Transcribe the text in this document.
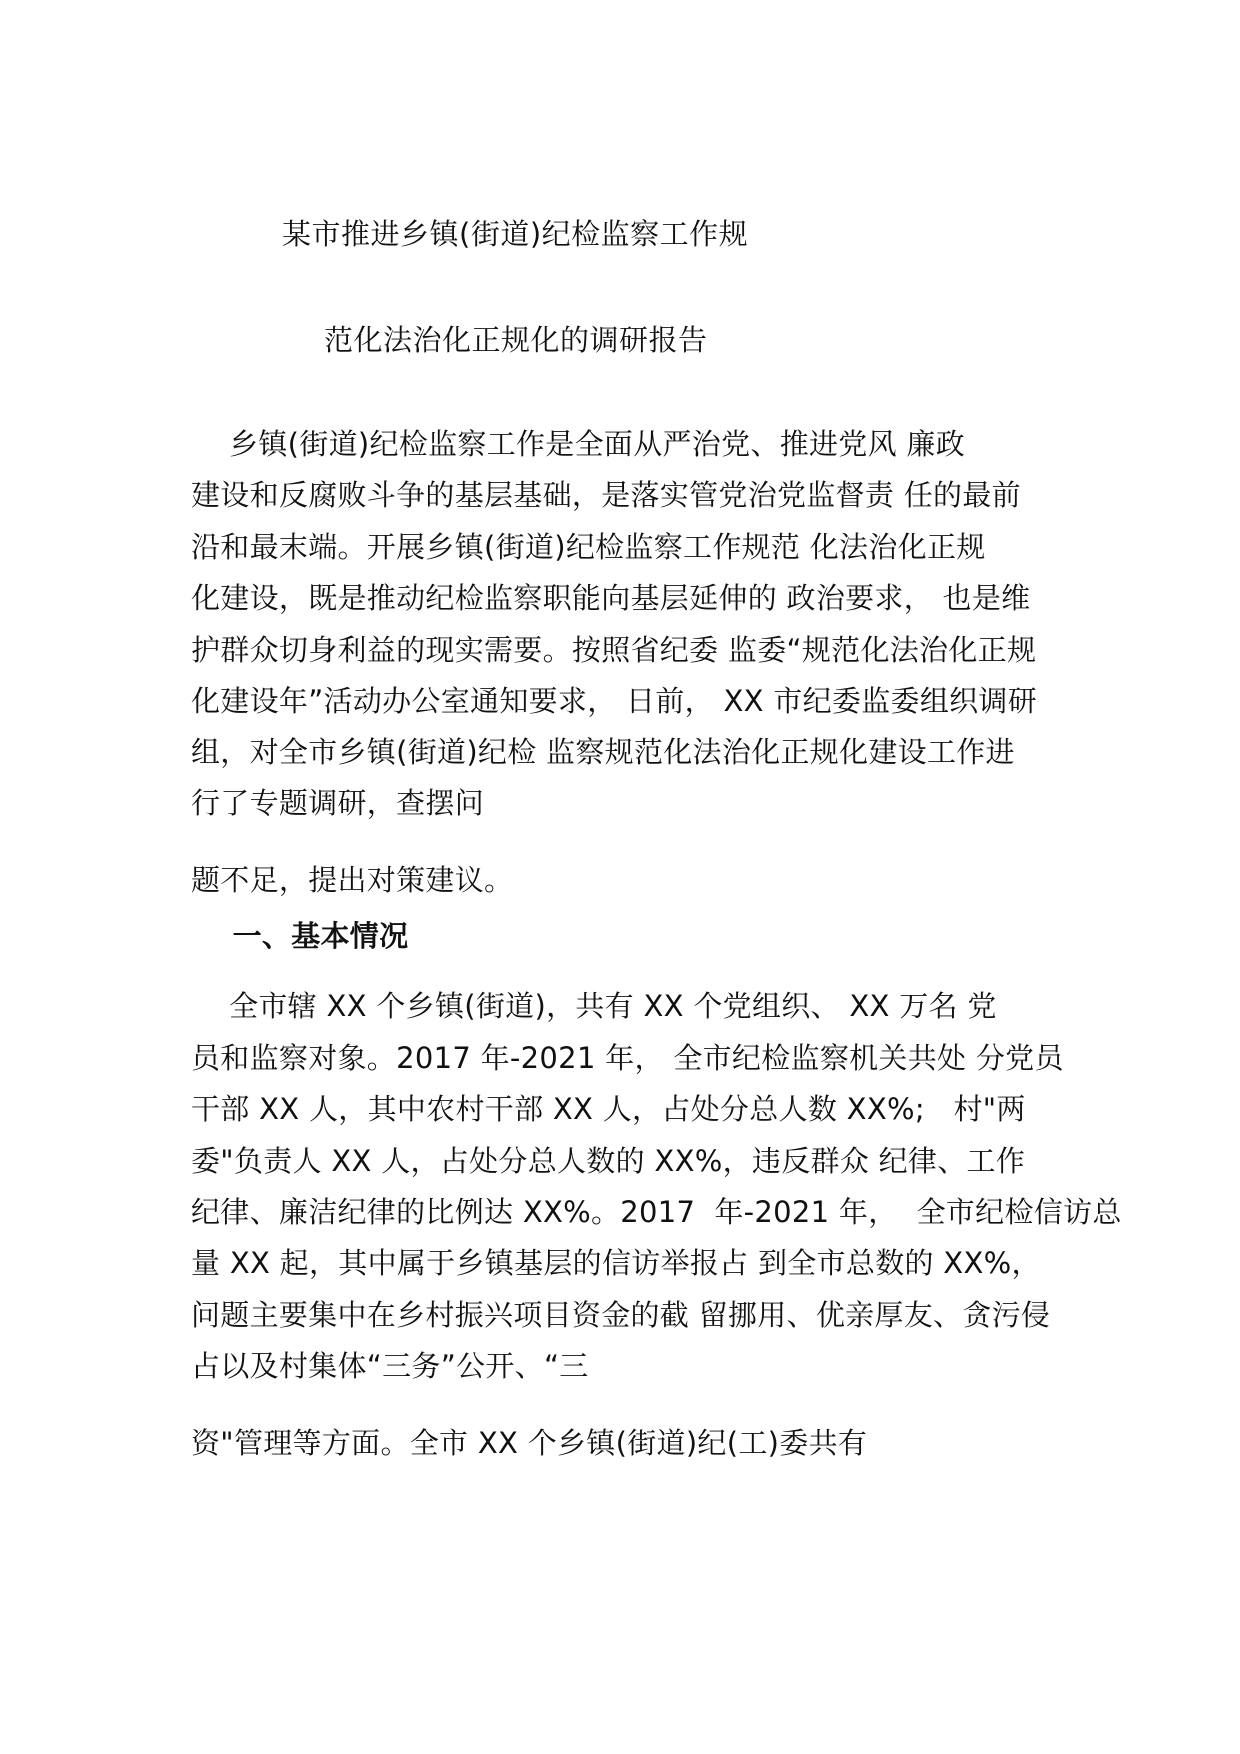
某市推进乡镇(街道)纪检监察工作规
范化法治化正规化的调研报告
乡镇(街道)纪检监察工作是全面从严治党、推进党风 廉政
建设和反腐败斗争的基层基础，是落实管党治党监督责 任的最前
沿和最末端。开展乡镇(街道)纪检监察工作规范 化法治化正规
化建设，既是推动纪检监察职能向基层延伸的 政治要求， 也是维
护群众切身利益的现实需要。按照省纪委 监委“规范化法治化正规
化建设年”活动办公室通知要求， 日前， XX 市纪委监委组织调研
组，对全市乡镇(街道)纪检 监察规范化法治化正规化建设工作进
行了专题调研，查摆问
题不足，提出对策建议。
一、基本情况
全市辖 XX 个乡镇(街道)，共有 XX 个党组织、 XX 万名 党
员和监察对象。2017 年-2021 年， 全市纪检监察机关共处 分党员
干部 XX 人，其中农村干部 XX 人，占处分总人数 XX%;   村"两
委"负责人 XX 人，占处分总人数的 XX%，违反群众 纪律、工作
纪律、廉洁纪律的比例达 XX%。2017  年-2021 年，  全市纪检信访总
量 XX 起，其中属于乡镇基层的信访举报占 到全市总数的 XX%，
问题主要集中在乡村振兴项目资金的截 留挪用、优亲厚友、贪污侵
占以及村集体“三务”公开、“三
资"管理等方面。全市 XX 个乡镇(街道)纪(工)委共有
